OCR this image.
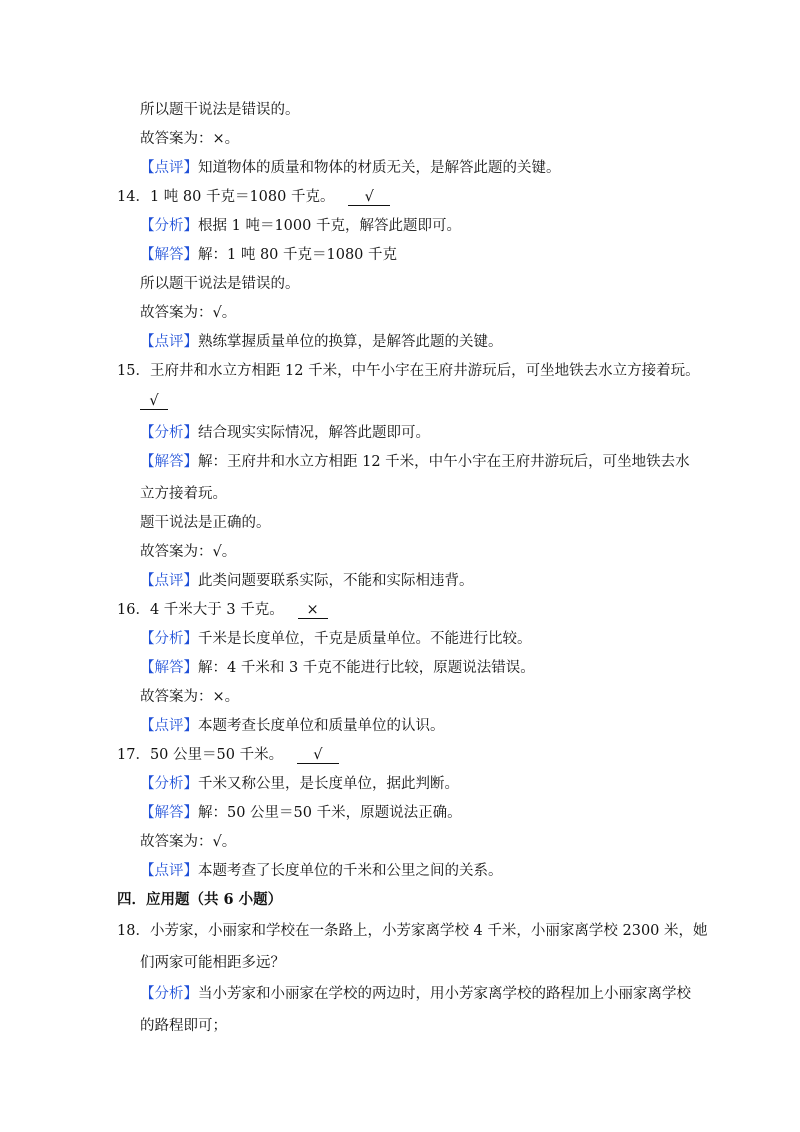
所以题干说法是错误的。
故答案为：×。
【点评】知道物体的质量和物体的材质无关，是解答此题的关键。
14．1 吨 80 千克＝1080 千克。 √
【分析】根据 1 吨＝1000 千克，解答此题即可。
【解答】解：1 吨 80 千克＝1080 千克
所以题干说法是错误的。
故答案为：√。
【点评】熟练掌握质量单位的换算，是解答此题的关键。
15．王府井和水立方相距 12 千米，中午小宇在王府井游玩后，可坐地铁去水立方接着玩。
√
【分析】结合现实实际情况，解答此题即可。
【解答】解：王府井和水立方相距 12 千米，中午小宇在王府井游玩后，可坐地铁去水
立方接着玩。
题干说法是正确的。
故答案为：√。
【点评】此类问题要联系实际，不能和实际相违背。
16．4 千米大于 3 千克。 ×
【分析】千米是长度单位，千克是质量单位。不能进行比较。
【解答】解：4 千米和 3 千克不能进行比较，原题说法错误。
故答案为：×。
【点评】本题考查长度单位和质量单位的认识。
17．50 公里＝50 千米。 √
【分析】千米又称公里，是长度单位，据此判断。
【解答】解：50 公里＝50 千米，原题说法正确。
故答案为：√。
【点评】本题考查了长度单位的千米和公里之间的关系。
四．应用题（共 6 小题）
18．小芳家，小丽家和学校在一条路上，小芳家离学校 4 千米，小丽家离学校 2300 米，她
们两家可能相距多远？
【分析】当小芳家和小丽家在学校的两边时，用小芳家离学校的路程加上小丽家离学校
的路程即可；
